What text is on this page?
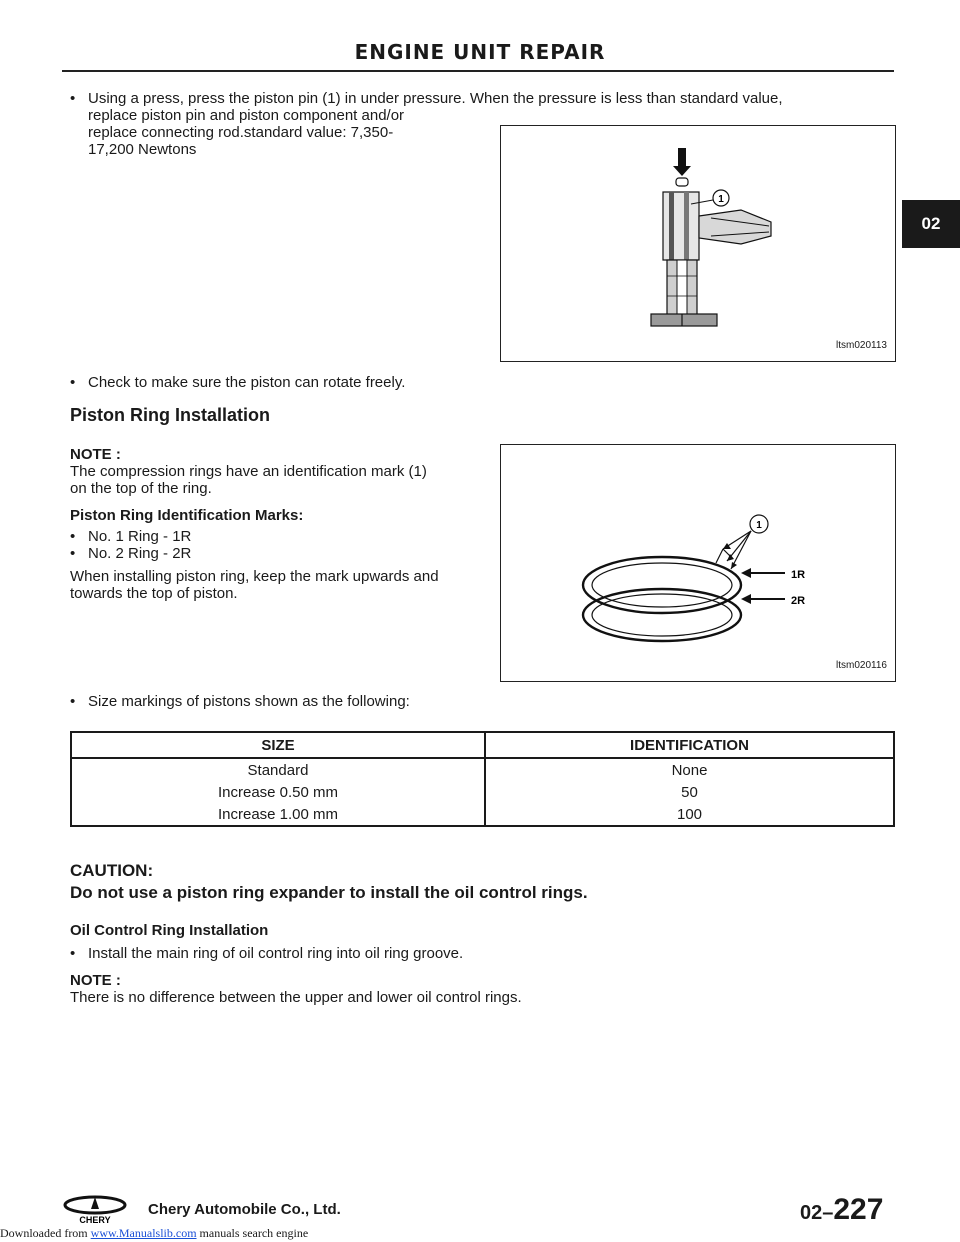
ENGINE UNIT REPAIR
02
• Using a press, press the piston pin (1) in under pressure. When the pressure is less than standard value,
replace piston pin and piston component and/or
replace connecting rod.standard value: 7,350-
17,200 Newtons
1
ltsm020113
• Check to make sure the piston can rotate freely.
Piston Ring Installation
NOTE :
The compression rings have an identification mark (1)
on the top of the ring.
Piston Ring Identification Marks:
• No. 1 Ring - 1R
• No. 2 Ring - 2R
When installing piston ring, keep the mark upwards and
towards the top of piston.
1
1R
2R
ltsm020116
• Size markings of pistons shown as the following:
SIZE	IDENTIFICATION
Standard	None
Increase 0.50 mm	50
Increase 1.00 mm	100
CAUTION:
Do not use a piston ring expander to install the oil control rings.
Oil Control Ring Installation
• Install the main ring of oil control ring into oil ring groove.
NOTE :
There is no difference between the upper and lower oil control rings.
CHERY
Chery Automobile Co., Ltd.	02–227
Downloaded from www.Manualslib.com manuals search engine
